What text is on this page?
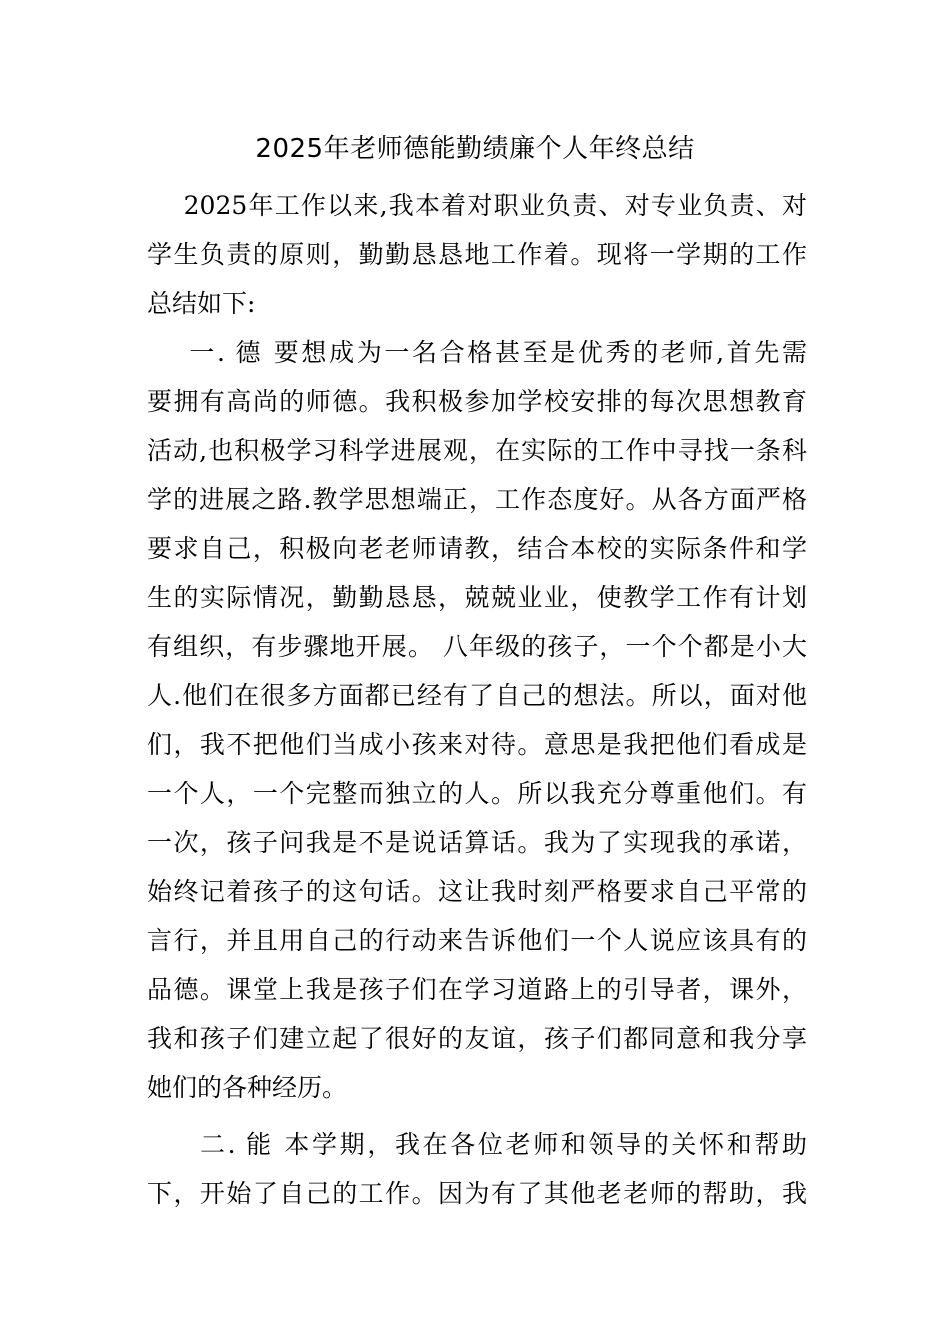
2025年老师德能勤绩廉个人年终总结
2025年工作以来,我本着对职业负责、对专业负责、对
学生负责的原则，勤勤恳恳地工作着。现将一学期的工作
总结如下:
一. 德 要想成为一名合格甚至是优秀的老师,首先需
要拥有高尚的师德。我积极参加学校安排的每次思想教育
活动,也积极学习科学进展观，在实际的工作中寻找一条科
学的进展之路.教学思想端正，工作态度好。从各方面严格
要求自己，积极向老老师请教，结合本校的实际条件和学
生的实际情况，勤勤恳恳，兢兢业业，使教学工作有计划
有组织，有步骤地开展。 八年级的孩子，一个个都是小大
人.他们在很多方面都已经有了自己的想法。所以，面对他
们，我不把他们当成小孩来对待。意思是我把他们看成是
一个人，一个完整而独立的人。所以我充分尊重他们。有
一次，孩子问我是不是说话算话。我为了实现我的承诺，
始终记着孩子的这句话。这让我时刻严格要求自己平常的
言行，并且用自己的行动来告诉他们一个人说应该具有的
品德。课堂上我是孩子们在学习道路上的引导者，课外，
我和孩子们建立起了很好的友谊，孩子们都同意和我分享
她们的各种经历。
二. 能 本学期，我在各位老师和领导的关怀和帮助
下，开始了自己的工作。因为有了其他老老师的帮助，我
